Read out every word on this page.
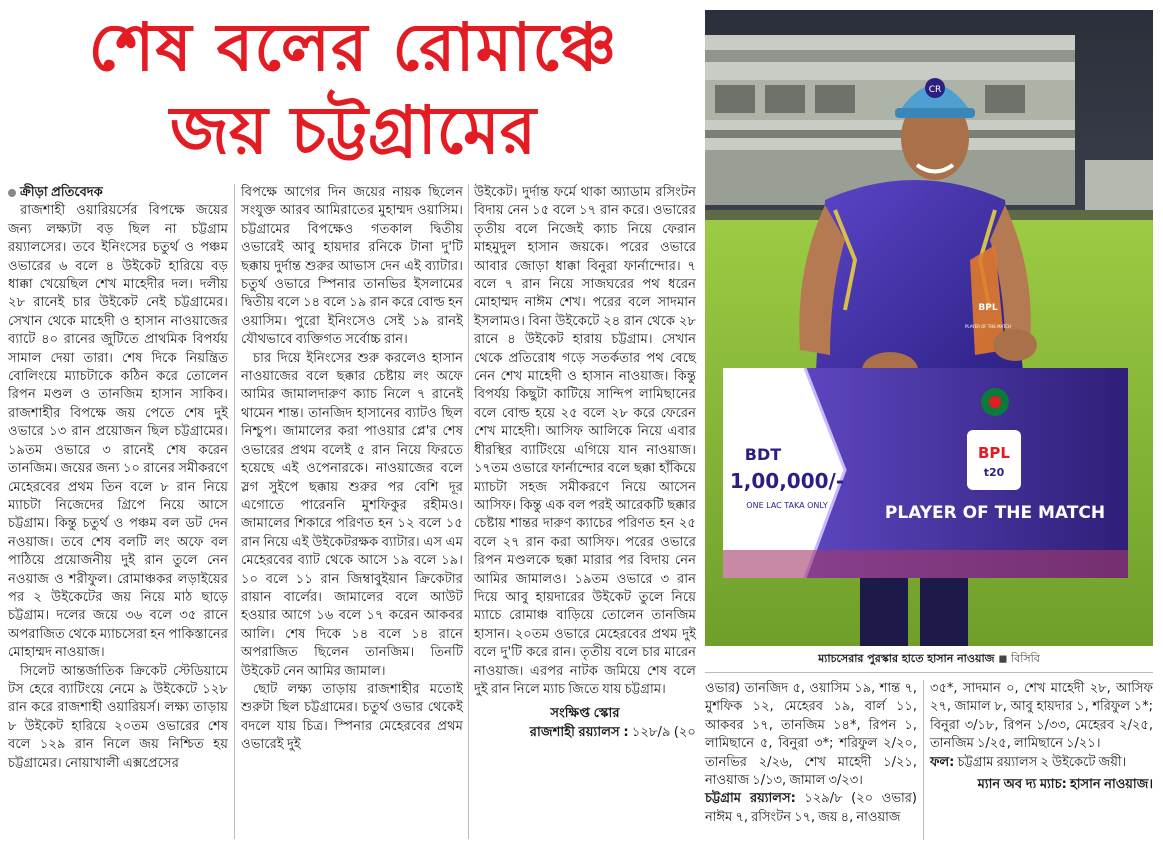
শেষ বলের রোমাঞ্চে
জয় চট্টগ্রামের
ক্রীড়া প্রতিবেদক

রাজশাহী ওয়ারিয়র্সের বিপক্ষে জয়ের জন্য লক্ষ্যটা বড় ছিল না চট্টগ্রাম রয়্যালসের। তবে ইনিংসের চতুর্থ ও পঞ্চম ওভারের ৬ বলে ৪ উইকেট হারিয়ে বড় ধাক্কা খেয়েছিল শেখ মাহেদীর দল। দলীয় ২৮ রানেই চার উইকেট নেই চট্টগ্রামের। সেখান থেকে মাহেদী ও হাসান নাওয়াজের ব্যাটে ৪০ রানের জুটিতে প্রাথমিক বিপর্যয় সামাল দেয়া তারা। শেষ দিকে নিয়ন্ত্রিত বোলিংয়ে ম্যাচটাকে কঠিন করে তোলেন রিপন মণ্ডল ও তানজিম হাসান সাকিব। রাজশাহীর বিপক্ষে জয় পেতে শেষ দুই ওভারে ১৩ রান প্রয়োজন ছিল চট্টগ্রামের। ১৯তম ওভারে ৩ রানেই শেষ করেন তানজিম। জয়ের জন্য ১০ রানের সমীকরণে মেহেরবের প্রথম তিন বলে ৮ রান নিয়ে ম্যাচটা নিজেদের গ্রিপে নিয়ে আসে চট্টগ্রাম। কিন্তু চতুর্থ ও পঞ্চম বল ডট দেন নওয়াজ। তবে শেষ বলটি লং অফে বল পাঠিয়ে প্রয়োজনীয় দুই রান তুলে নেন নওয়াজ ও শরীফুল। রোমাঞ্চকর লড়াইয়ের পর ২ উইকেটের জয় নিয়ে মাঠ ছাড়ে চট্টগ্রাম। দলের জয়ে ৩৬ বলে ৩৫ রানে অপরাজিত থেকে ম্যাচসেরা হন পাকিস্তানের মোহাম্মদ নাওয়াজ।

সিলেট আন্তর্জাতিক ক্রিকেট স্টেডিয়ামে টস হেরে ব্যাটিংয়ে নেমে ৯ উইকেটে ১২৮ রান করে রাজশাহী ওয়ারিয়র্স। লক্ষ্য তাড়ায় ৮ উইকেট হারিয়ে ২০তম ওভারের শেষ বলে ১২৯ রান নিলে জয় নিশ্চিত হয় চট্টগ্রামের। নোয়াখালী এক্সপ্রেসের

বিপক্ষে আগের দিন জয়ের নায়ক ছিলেন সংযুক্ত আরব আমিরাতের মুহাম্মদ ওয়াসিম। চট্টগ্রামের বিপক্ষেও গতকাল দ্বিতীয় ওভারেই আবু হায়দার রনিকে টানা দু'টি ছক্কায় দুর্দান্ত শুরুর আভাস দেন এই ব্যাটার। চতুর্থ ওভারে স্পিনার তানভির ইসলামের দ্বিতীয় বলে ১৪ বলে ১৯ রান করে বোল্ড হন ওয়াসিম। পুরো ইনিংসেও সেই ১৯ রানই যৌথভাবে ব্যক্তিগত সর্বোচ্চ রান।

চার দিয়ে ইনিংসের শুরু করলেও হাসান নাওয়াজের বলে ছক্কার চেষ্টায় লং অফে আমির জামালদারুণ ক্যাচ নিলে ৭ রানেই থামেন শান্ত। তানজিদ হাসানের ব্যাটও ছিল নিশ্চুপ। জামালের করা পাওয়ার প্লে'র শেষ ওভারের প্রথম বলেই ৫ রান নিয়ে ফিরতে হয়েছে এই ওপেনারকে। নাওয়াজের বলে স্লগ সুইপে ছক্কায় শুরুর পর বেশি দূর এগোতে পারেননি মুশফিকুর রহীমও। জামালের শিকারে পরিণত হন ১২ বলে ১৫ রান নিয়ে এই উইকেটরক্ষক ব্যাটার। এস এম মেহেরবের ব্যাট থেকে আসে ১৯ বলে ১৯। ১০ বলে ১১ রান জিম্বাবুইয়ান ক্রিকেটার রায়ান বার্লের। জামালের বলে আউট হওয়ার আগে ১৬ বলে ১৭ করেন আকবর আলি। শেষ দিকে ১৪ বলে ১৪ রানে অপরাজিত ছিলেন তানজিম। তিনটি উইকেট নেন আমির জামাল।

ছোট লক্ষ্য তাড়ায় রাজশাহীর মতোই শুরুটা ছিল চট্টগ্রামের। চতুর্থ ওভার থেকেই বদলে যায় চিত্র। স্পিনার মেহেরবের প্রথম ওভারেই দুই

উইকেট। দুর্দান্ত ফর্মে থাকা অ্যাডাম রসিংটন বিদায় নেন ১৫ বলে ১৭ রান করে। ওভারের তৃতীয় বলে নিজেই ক্যাচ নিয়ে ফেরান মাহমুদুল হাসান জয়কে। পরের ওভারে আবার জোড়া ধাক্কা বিনুরা ফার্নান্দোর। ৭ বলে ৭ রান নিয়ে সাজঘরের পথ ধরেন মোহাম্মদ নাঈম শেখ। পরের বলে সাদমান ইসলামও। বিনা উইকেটে ২৪ রান থেকে ২৮ রানে ৪ উইকেট হারায় চট্টগ্রাম। সেখান থেকে প্রতিরোধ গড়ে সতর্কতার পথ বেছে নেন শেখ মাহেদী ও হাসান নাওয়াজ। কিন্তু বিপর্যয় কিছুটা কাটিয়ে সান্দিপ লামিছানের বলে বোল্ড হয়ে ২৫ বলে ২৮ করে ফেরেন শেখ মাহেদী। আসিফ আলিকে নিয়ে এবার ধীরস্থির ব্যাটিংয়ে এগিয়ে যান নাওয়াজ। ১৭তম ওভারে ফার্নান্দোর বলে ছক্কা হাঁকিয়ে ম্যাচটা সহজ সমীকরণে নিয়ে আসেন আসিফ। কিন্তু এক বল পরই আরেকটি ছক্কার চেষ্টায় শান্তর দারুণ ক্যাচের পরিণত হন ২৫ বলে ২৭ রান করা আসিফ। পরের ওভারে রিপন মণ্ডলকে ছক্কা মারার পর বিদায় নেন আমির জামালও। ১৯তম ওভারে ৩ রান দিয়ে আবু হায়দারের উইকেট তুলে নিয়ে ম্যাচে রোমাঞ্চ বাড়িয়ে তোলেন তানজিম হাসান। ২০তম ওভারে মেহেরবের প্রথম দুই বলে দু'টি করে রান। তৃতীয় বলে চার মারেন নাওয়াজ। এরপর নাটক জমিয়ে শেষ বলে দুই রান নিলে ম্যাচ জিতে যায় চট্টগ্রাম।

সংক্ষিপ্ত স্কোর
রাজশাহী রয়্যালস : ১২৮/৯ (২০
CR
BPL
PLAYER OF THE MATCH
BDT
1,00,000/-
ONE LAC TAKA ONLY
BPL
t20
PLAYER OF THE MATCH
ম্যাচসেরার পুরস্কার হাতে হাসান নাওয়াজ ◼ বিসিবি
ওভার) তানজিদ ৫, ওয়াসিম ১৯, শান্ত ৭, মুশফিক ১২, মেহেরব ১৯, বার্ল ১১, আকবর ১৭, তানজিম ১৪*, রিপন ১, লামিছানে ৫, বিনুরা ৩*; শরিফুল ২/২০, তানভির ২/২৬, শেখ মাহেদী ১/২১, নাওয়াজ ১/১৩, জামাল ৩/২৩।
চট্টগ্রাম রয়্যালস: ১২৯/৮ (২০ ওভার) নাঈম ৭, রসিংটন ১৭, জয় ৪, নাওয়াজ
৩৫*, সাদমান ০, শেখ মাহেদী ২৮, আসিফ ২৭, জামাল ৮, আবু হায়দার ১, শরিফুল ১*; বিনুরা ৩/১৮, রিপন ১/৩৩, মেহেরব ২/২৫, তানজিম ১/২৫, লামিছানে ১/২১।
ফল: চট্টগ্রাম রয়্যালস ২ উইকেটে জয়ী।
ম্যান অব দ্য ম্যাচ: হাসান নাওয়াজ।
